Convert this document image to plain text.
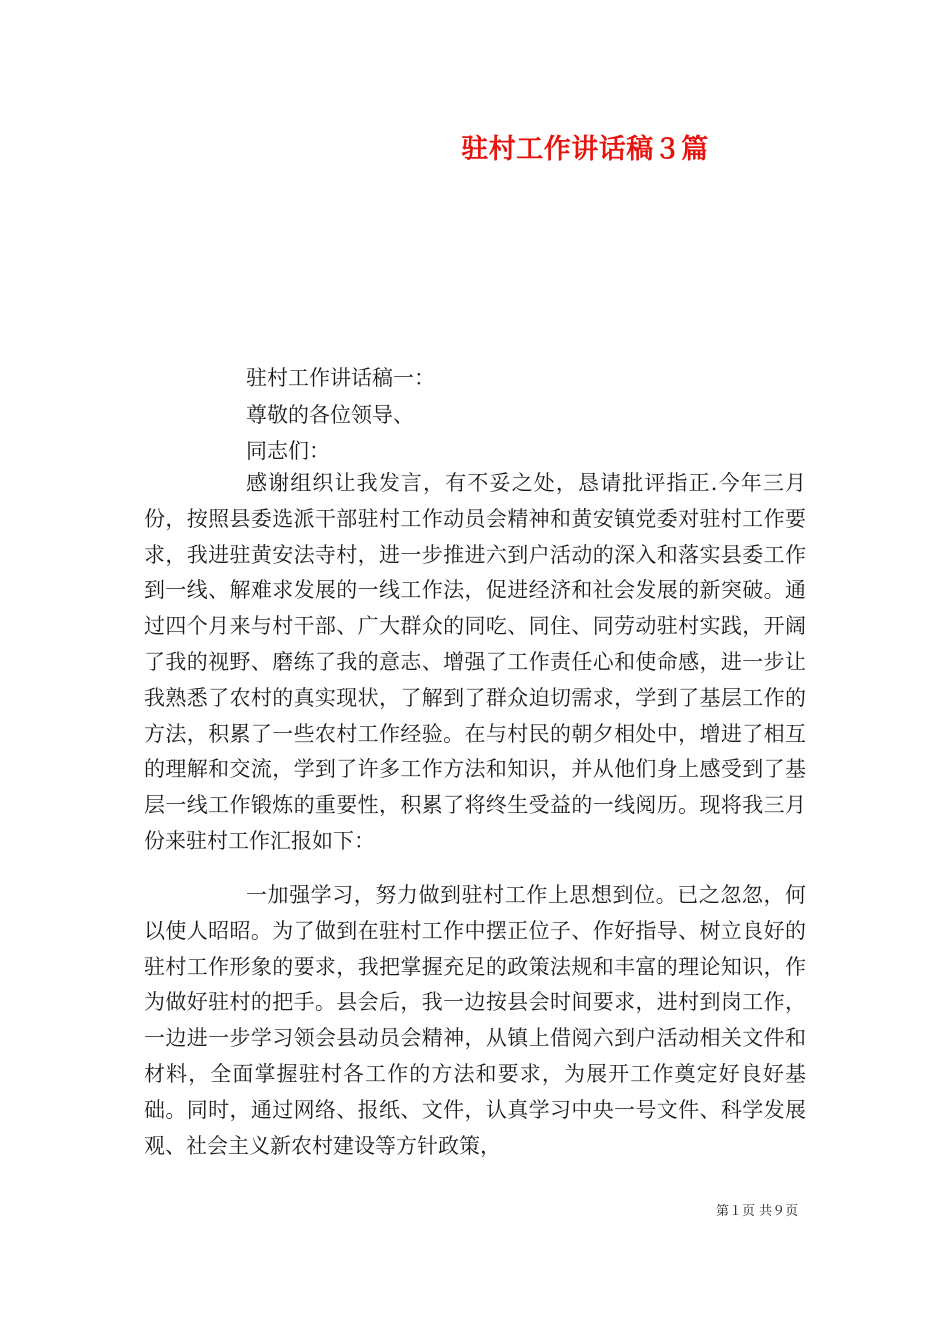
驻村工作讲话稿３篇
驻村工作讲话稿一：
尊敬的各位领导、
同志们：

感谢组织让我发言，有不妥之处，恳请批评指正.今年三月份，按照县委选派干部驻村工作动员会精神和黄安镇党委对驻村工作要求，我进驻黄安法寺村，进一步推进六到户活动的深入和落实县委工作到一线、解难求发展的一线工作法，促进经济和社会发展的新突破。通过四个月来与村干部、广大群众的同吃、同住、同劳动驻村实践，开阔了我的视野、磨练了我的意志、增强了工作责任心和使命感，进一步让我熟悉了农村的真实现状，了解到了群众迫切需求，学到了基层工作的方法，积累了一些农村工作经验。在与村民的朝夕相处中，增进了相互的理解和交流，学到了许多工作方法和知识，并从他们身上感受到了基层一线工作锻炼的重要性，积累了将终生受益的一线阅历。现将我三月份来驻村工作汇报如下：

一加强学习，努力做到驻村工作上思想到位。已之忽忽，何以使人昭昭。为了做到在驻村工作中摆正位子、作好指导、树立良好的驻村工作形象的要求，我把掌握充足的政策法规和丰富的理论知识，作为做好驻村的把手。县会后，我一边按县会时间要求，进村到岗工作，一边进一步学习领会县动员会精神，从镇上借阅六到户活动相关文件和材料，全面掌握驻村各工作的方法和要求，为展开工作奠定好良好基础。同时，通过网络、报纸、文件，认真学习中央一号文件、科学发展观、社会主义新农村建设等方针政策，

第１页 共９页
